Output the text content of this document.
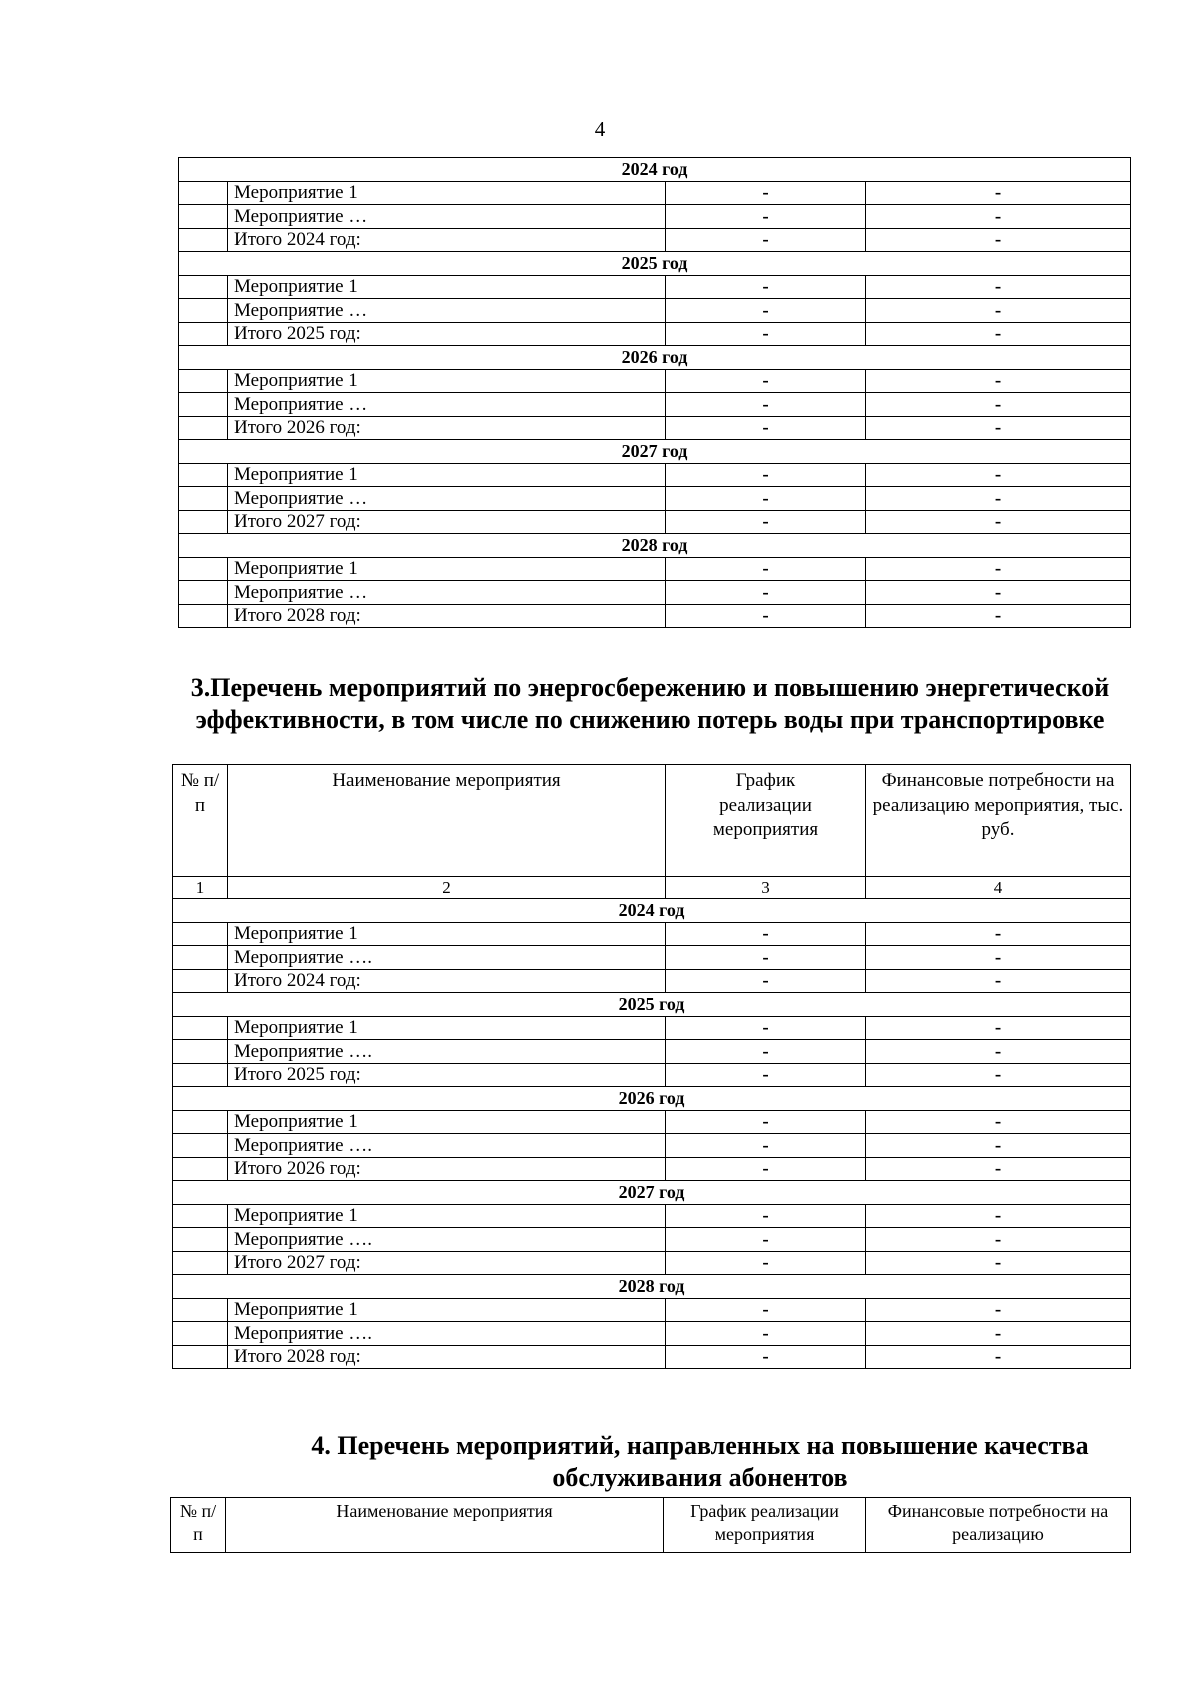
4
2024 год			
	Мероприятие 1	-	-
	Мероприятие …	-	-
	Итого 2024 год:	-	-
2025 год			
	Мероприятие 1	-	-
	Мероприятие …	-	-
	Итого 2025 год:	-	-
2026 год			
	Мероприятие 1	-	-
	Мероприятие …	-	-
	Итого 2026 год:	-	-
2027 год			
	Мероприятие 1	-	-
	Мероприятие …	-	-
	Итого 2027 год:	-	-
2028 год			
	Мероприятие 1	-	-
	Мероприятие …	-	-
	Итого 2028 год:	-	-
3.Перечень мероприятий по энергосбережению и повышению энергетической эффективности, в том числе по снижению потерь воды при транспортировке
№ п/п	Наименование мероприятия	График реализации мероприятия	Финансовые потребности на реализацию мероприятия, тыс. руб.
1	2	3	4
2024 год			
	Мероприятие 1	-	-
	Мероприятие ….	-	-
	Итого 2024 год:	-	-
2025 год			
	Мероприятие 1	-	-
	Мероприятие ….	-	-
	Итого 2025 год:	-	-
2026 год			
	Мероприятие 1	-	-
	Мероприятие ….	-	-
	Итого 2026 год:	-	-
2027 год			
	Мероприятие 1	-	-
	Мероприятие ….	-	-
	Итого 2027 год:	-	-
2028 год			
	Мероприятие 1	-	-
	Мероприятие ….	-	-
	Итого 2028 год:	-	-
4. Перечень мероприятий, направленных на повышение качества обслуживания абонентов
№ п/п	Наименование мероприятия	График реализации мероприятия	Финансовые потребности на реализацию
